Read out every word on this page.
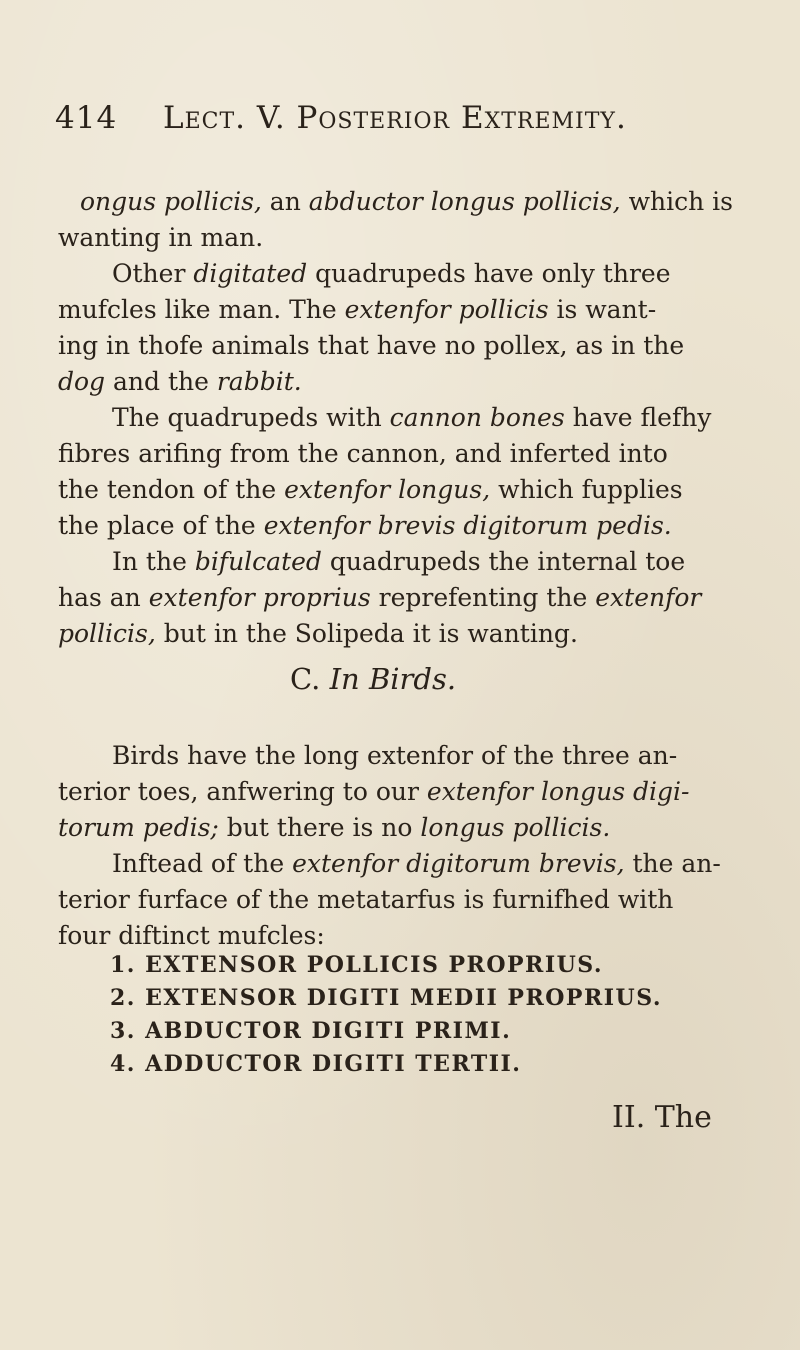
414 Lect. V. Posterior Extremity.
ongus pollicis, an abductor longus pollicis, which is
wanting in man.
Other digitated quadrupeds have only three
mufcles like man. The extenfor pollicis is want-
ing in thofe animals that have no pollex, as in the
dog and the rabbit.
The quadrupeds with cannon bones have flefhy
fibres arifing from the cannon, and inferted into
the tendon of the extenfor longus, which fupplies
the place of the extenfor brevis digitorum pedis.
In the bifulcated quadrupeds the internal toe
has an extenfor proprius reprefenting the extenfor
pollicis, but in the Solipeda it is wanting.
C. In Birds.
Birds have the long extenfor of the three an-
terior toes, anfwering to our extenfor longus digi-
torum pedis; but there is no longus pollicis.
Inftead of the extenfor digitorum brevis, the an-
terior furface of the metatarfus is furnifhed with
four diftinct mufcles:
1. EXTENSOR POLLICIS PROPRIUS.
2. EXTENSOR DIGITI MEDII PROPRIUS.
3. ABDUCTOR DIGITI PRIMI.
4. ADDUCTOR DIGITI TERTII.
II. The
